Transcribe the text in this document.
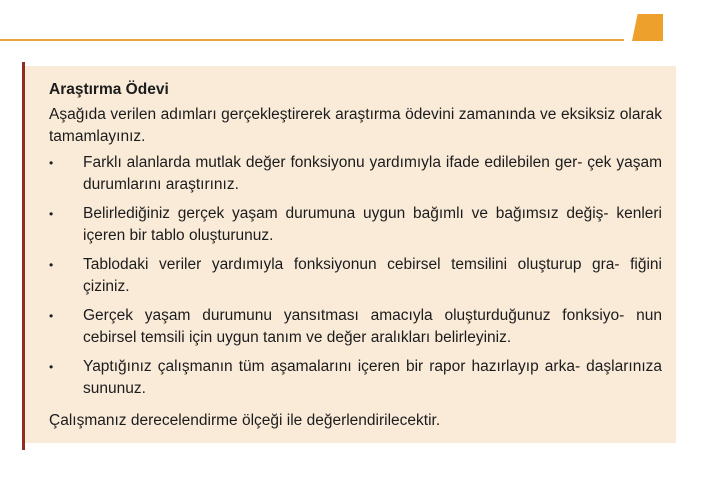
Araştırma Ödevi

Aşağıda verilen adımları gerçekleştirerek araştırma ödevini zamanında ve eksiksiz olarak tamamlayınız.

•	Farklı alanlarda mutlak değer fonksiyonu yardımıyla ifade edilebilen ger- çek yaşam durumlarını araştırınız.
•	Belirlediğiniz gerçek yaşam durumuna uygun bağımlı ve bağımsız değiş- kenleri içeren bir tablo oluşturunuz.
•	Tablodaki veriler yardımıyla fonksiyonun cebirsel temsilini oluşturup gra- fiğini çiziniz.
•	Gerçek yaşam durumunu yansıtması amacıyla oluşturduğunuz fonksiyo- nun cebirsel temsili için uygun tanım ve değer aralıkları belirleyiniz.
•	Yaptığınız çalışmanın tüm aşamalarını içeren bir rapor hazırlayıp arka- daşlarınıza sununuz.

Çalışmanız derecelendirme ölçeği ile değerlendirilecektir.
